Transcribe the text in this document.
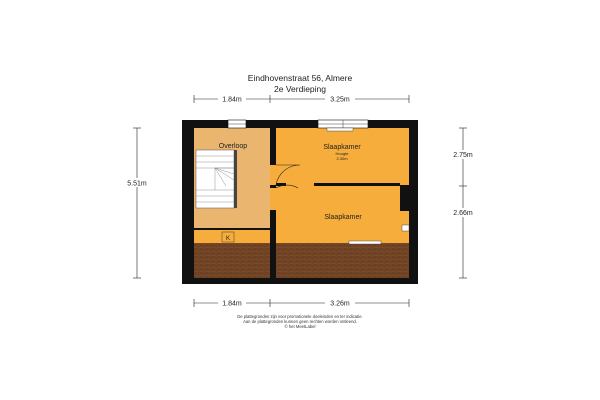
Eindhovenstraat 56, Almere
2e Verdieping
Overloop	Slaapkamer
Hoogte
2.30m
Slaapkamer
K
1.84m	3.25m
1.84m	3.26m
5.51m
2.75m
2.66m
De plattegronden zijn voor promotionele doeleinden en ter indicatie.
Aan de plattegronden kunnen geen rechten worden ontleend.
© het MeetLabel
